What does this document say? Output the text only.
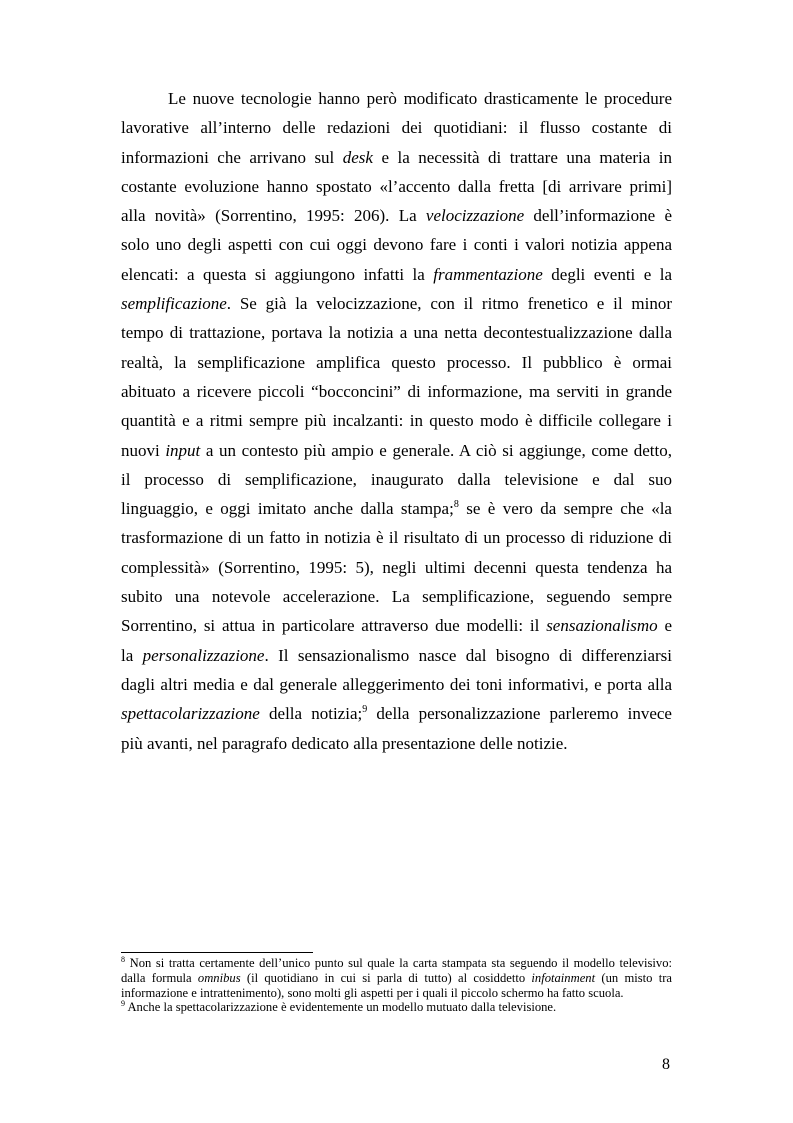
Le nuove tecnologie hanno però modificato drasticamente le procedure
lavorative all’interno delle redazioni dei quotidiani: il flusso costante di
informazioni che arrivano sul desk e la necessità di trattare una materia in
costante evoluzione hanno spostato «l’accento dalla fretta [di arrivare primi]
alla novità» (Sorrentino, 1995: 206). La velocizzazione dell’informazione è
solo uno degli aspetti con cui oggi devono fare i conti i valori notizia appena
elencati: a questa si aggiungono infatti la frammentazione degli eventi e la
semplificazione. Se già la velocizzazione, con il ritmo frenetico e il minor
tempo di trattazione, portava la notizia a una netta decontestualizzazione dalla
realtà, la semplificazione amplifica questo processo. Il pubblico è ormai
abituato a ricevere piccoli “bocconcini” di informazione, ma serviti in grande
quantità e a ritmi sempre più incalzanti: in questo modo è difficile collegare i
nuovi input a un contesto più ampio e generale. A ciò si aggiunge, come detto,
il processo di semplificazione, inaugurato dalla televisione e dal suo
linguaggio, e oggi imitato anche dalla stampa;$^8$ se è vero da sempre che «la
trasformazione di un fatto in notizia è il risultato di un processo di riduzione di
complessità» (Sorrentino, 1995: 5), negli ultimi decenni questa tendenza ha
subito una notevole accelerazione. La semplificazione, seguendo sempre
Sorrentino, si attua in particolare attraverso due modelli: il sensazionalismo e
la personalizzazione. Il sensazionalismo nasce dal bisogno di differenziarsi
dagli altri media e dal generale alleggerimento dei toni informativi, e porta alla
spettacolarizzazione della notizia;$^9$ della personalizzazione parleremo invece
più avanti, nel paragrafo dedicato alla presentazione delle notizie.
$^8$ Non si tratta certamente dell’unico punto sul quale la carta stampata sta seguendo il modello televisivo: dalla formula omnibus (il quotidiano in cui si parla di tutto) al cosiddetto infotainment (un misto tra informazione e intrattenimento), sono molti gli aspetti per i quali il piccolo schermo ha fatto scuola.
$^9$ Anche la spettacolarizzazione è evidentemente un modello mutuato dalla televisione.
8
